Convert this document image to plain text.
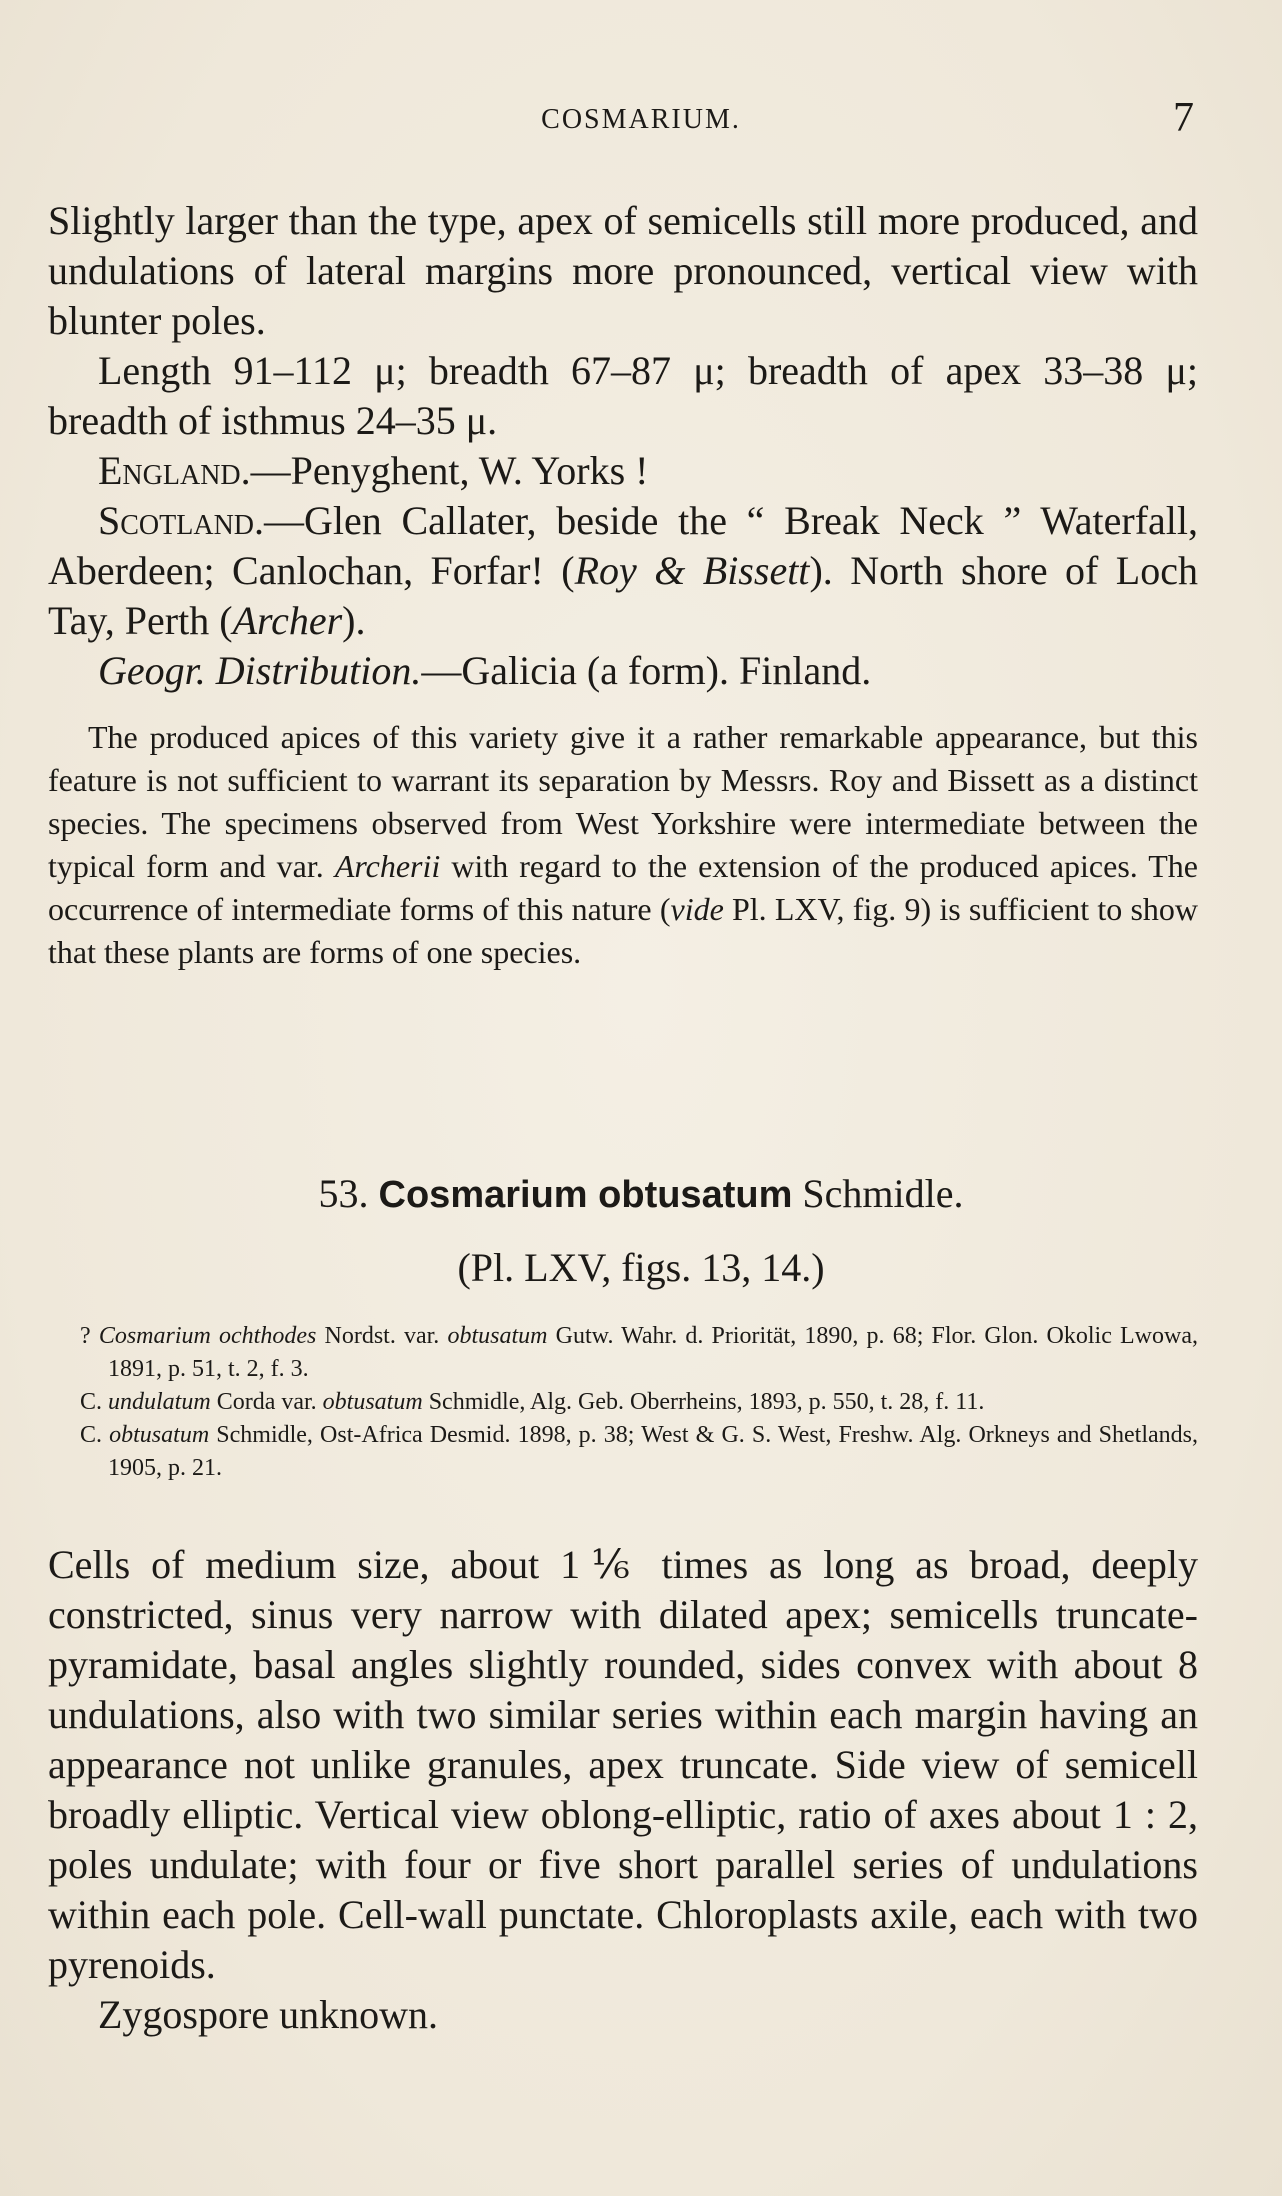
COSMARIUM.	7

Slightly larger than the type, apex of semicells still more produced, and undulations of lateral margins more pronounced, vertical view with blunter poles.

Length 91–112 μ; breadth 67–87 μ; breadth of apex 33–38 μ; breadth of isthmus 24–35 μ.

England.—Penyghent, W. Yorks !

Scotland.—Glen Callater, beside the “ Break Neck ” Waterfall, Aberdeen; Canlochan, Forfar! (Roy & Bissett). North shore of Loch Tay, Perth (Archer).

Geogr. Distribution.—Galicia (a form). Finland.

The produced apices of this variety give it a rather remarkable appearance, but this feature is not sufficient to warrant its separation by Messrs. Roy and Bissett as a distinct species. The specimens observed from West Yorkshire were intermediate between the typical form and var. Archerii with regard to the extension of the produced apices. The occurrence of intermediate forms of this nature (vide Pl. LXV, fig. 9) is sufficient to show that these plants are forms of one species.

53. Cosmarium obtusatum Schmidle.
(Pl. LXV, figs. 13, 14.)

? Cosmarium ochthodes Nordst. var. obtusatum Gutw. Wahr. d. Priorität, 1890, p. 68; Flor. Glon. Okolic Lwowa, 1891, p. 51, t. 2, f. 3.

C. undulatum Corda var. obtusatum Schmidle, Alg. Geb. Oberrheins, 1893, p. 550, t. 28, f. 11.

C. obtusatum Schmidle, Ost-Africa Desmid. 1898, p. 38; West & G. S. West, Freshw. Alg. Orkneys and Shetlands, 1905, p. 21.

Cells of medium size, about 1⅙ times as long as broad, deeply constricted, sinus very narrow with dilated apex; semicells truncate-pyramidate, basal angles slightly rounded, sides convex with about 8 undulations, also with two similar series within each margin having an appearance not unlike granules, apex truncate. Side view of semicell broadly elliptic. Vertical view oblong-elliptic, ratio of axes about 1 : 2, poles undulate; with four or five short parallel series of undulations within each pole. Cell-wall punctate. Chloroplasts axile, each with two pyrenoids.

Zygospore unknown.
